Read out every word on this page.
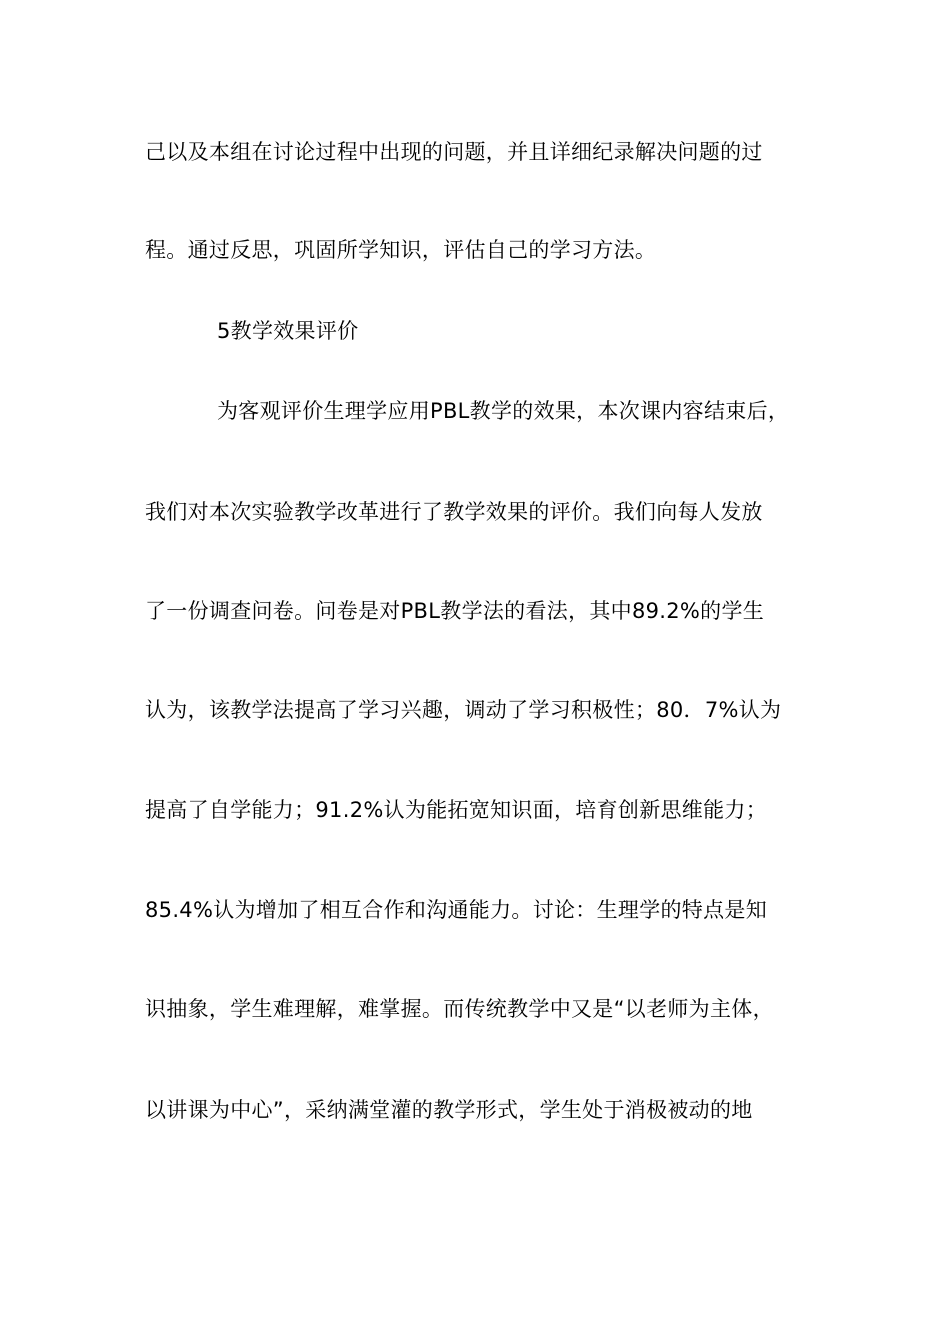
己以及本组在讨论过程中出现的问题，并且详细纪录解决问题的过
程。通过反思，巩固所学知识，评估自己的学习方法。
5教学效果评价
为客观评价生理学应用PBL教学的效果，本次课内容结束后，
我们对本次实验教学改革进行了教学效果的评价。我们向每人发放
了一份调查问卷。问卷是对PBL教学法的看法，其中89.2%的学生
认为，该教学法提高了学习兴趣，调动了学习积极性；80．7%认为
提高了自学能力；91.2%认为能拓宽知识面，培育创新思维能力；
85.4%认为增加了相互合作和沟通能力。讨论：生理学的特点是知
识抽象，学生难理解，难掌握。而传统教学中又是“以老师为主体，
以讲课为中心”，采纳满堂灌的教学形式，学生处于消极被动的地
